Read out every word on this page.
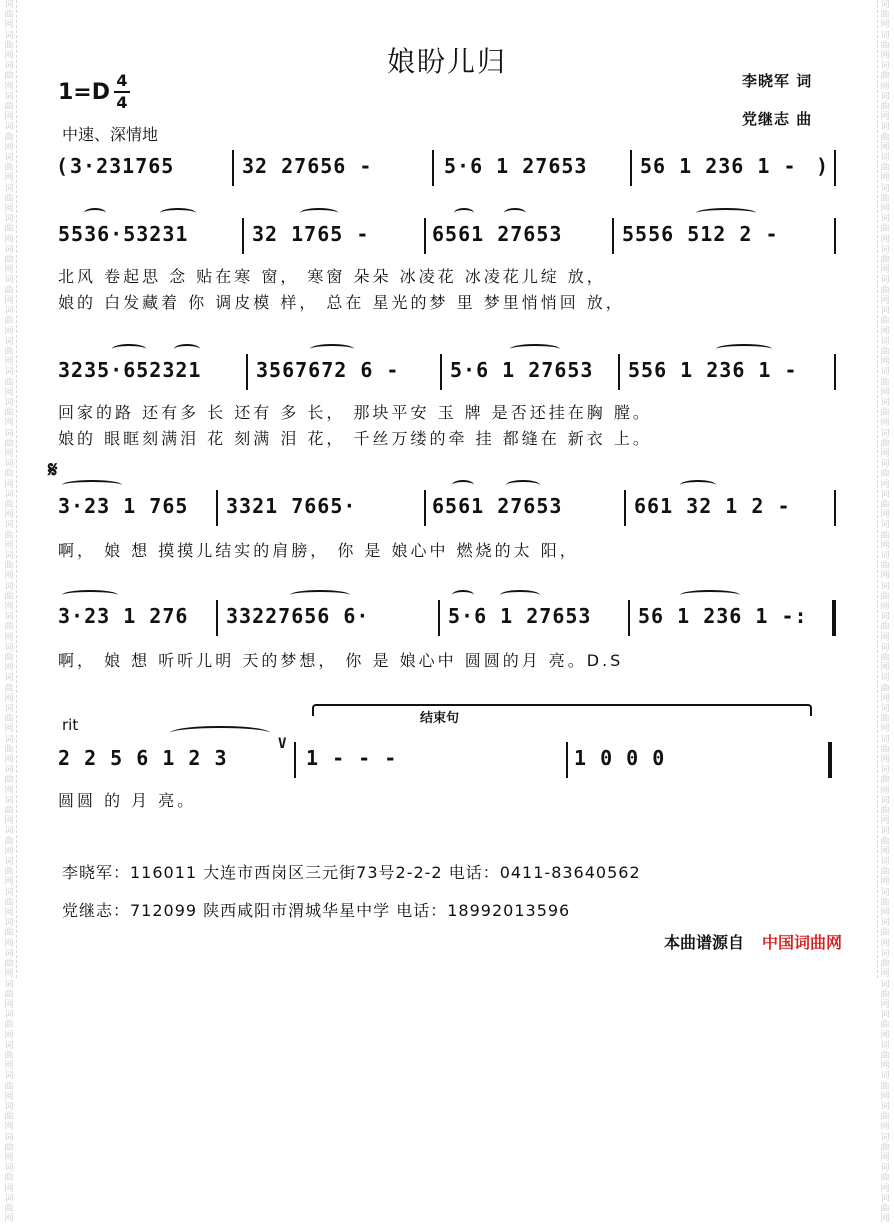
词曲网 词曲网 词曲网 词曲网 词曲网 词曲网 词曲网 词曲网 词曲网 词曲网 词曲网 词曲网 词曲网 词曲网 词曲网 词曲网 词曲网 词曲网 词曲网 词曲网 词曲网 词曲网 词曲网 词曲网 词曲网 词曲网 词曲网 词曲网 词曲网 词曲网 词曲网 词曲网 词曲网 词曲网 词曲网 词曲网 词曲网 词曲网 词曲网 词曲网
词曲网 词曲网 词曲网 词曲网 词曲网 词曲网 词曲网 词曲网 词曲网 词曲网 词曲网 词曲网 词曲网 词曲网 词曲网 词曲网 词曲网 词曲网 词曲网 词曲网 词曲网 词曲网 词曲网 词曲网 词曲网 词曲网 词曲网 词曲网 词曲网 词曲网 词曲网 词曲网 词曲网 词曲网 词曲网 词曲网 词曲网 词曲网 词曲网 词曲网
娘盼儿归
李晓军 词
党继志 曲
1=D 4
4
中速、深情地
( 3·231765	32 27656 -	5·6 1 27653	56 1 236 1 - )
5536·53231	32 1765 -	6561 27653	5556 512 2 -
北风 卷起思 念 贴在寒 窗， 寒窗 朵朵 冰凌花 冰凌花儿绽 放，
娘的 白发藏着 你 调皮模 样， 总在 星光的梦 里 梦里悄悄回 放，
3235·652321	3567672 6 -	5·6 1 27653 556 1 236 1 -
回家的路 还有多 长 还有 多 长， 那块平安 玉 牌 是否还挂在胸 膛。
娘的 眼眶刻满泪 花 刻满 泪 花， 千丝万缕的牵 挂 都缝在 新衣 上。
𝄋
3·23 1 765 3321 7665·	6561 27653	661 32 1 2 -
啊， 娘 想 摸摸儿结实的肩膀， 你 是 娘心中 燃烧的太 阳，
3·23 1 276 33227656 6·	5·6 1 27653 56 1 236 1 -:
啊， 娘 想 听听儿明 天的梦想， 你 是 娘心中 圆圆的月 亮。D.S
rit	结束句
2 2 5 6 1 2 3
V
1 - - -	1 0 0 0
圆圆 的 月 亮。
李晓军：116011 大连市西岗区三元街73号2-2-2 电话：0411-83640562
党继志：712099 陕西咸阳市渭城华星中学 电话：18992013596
本曲谱源自 中国词曲网
